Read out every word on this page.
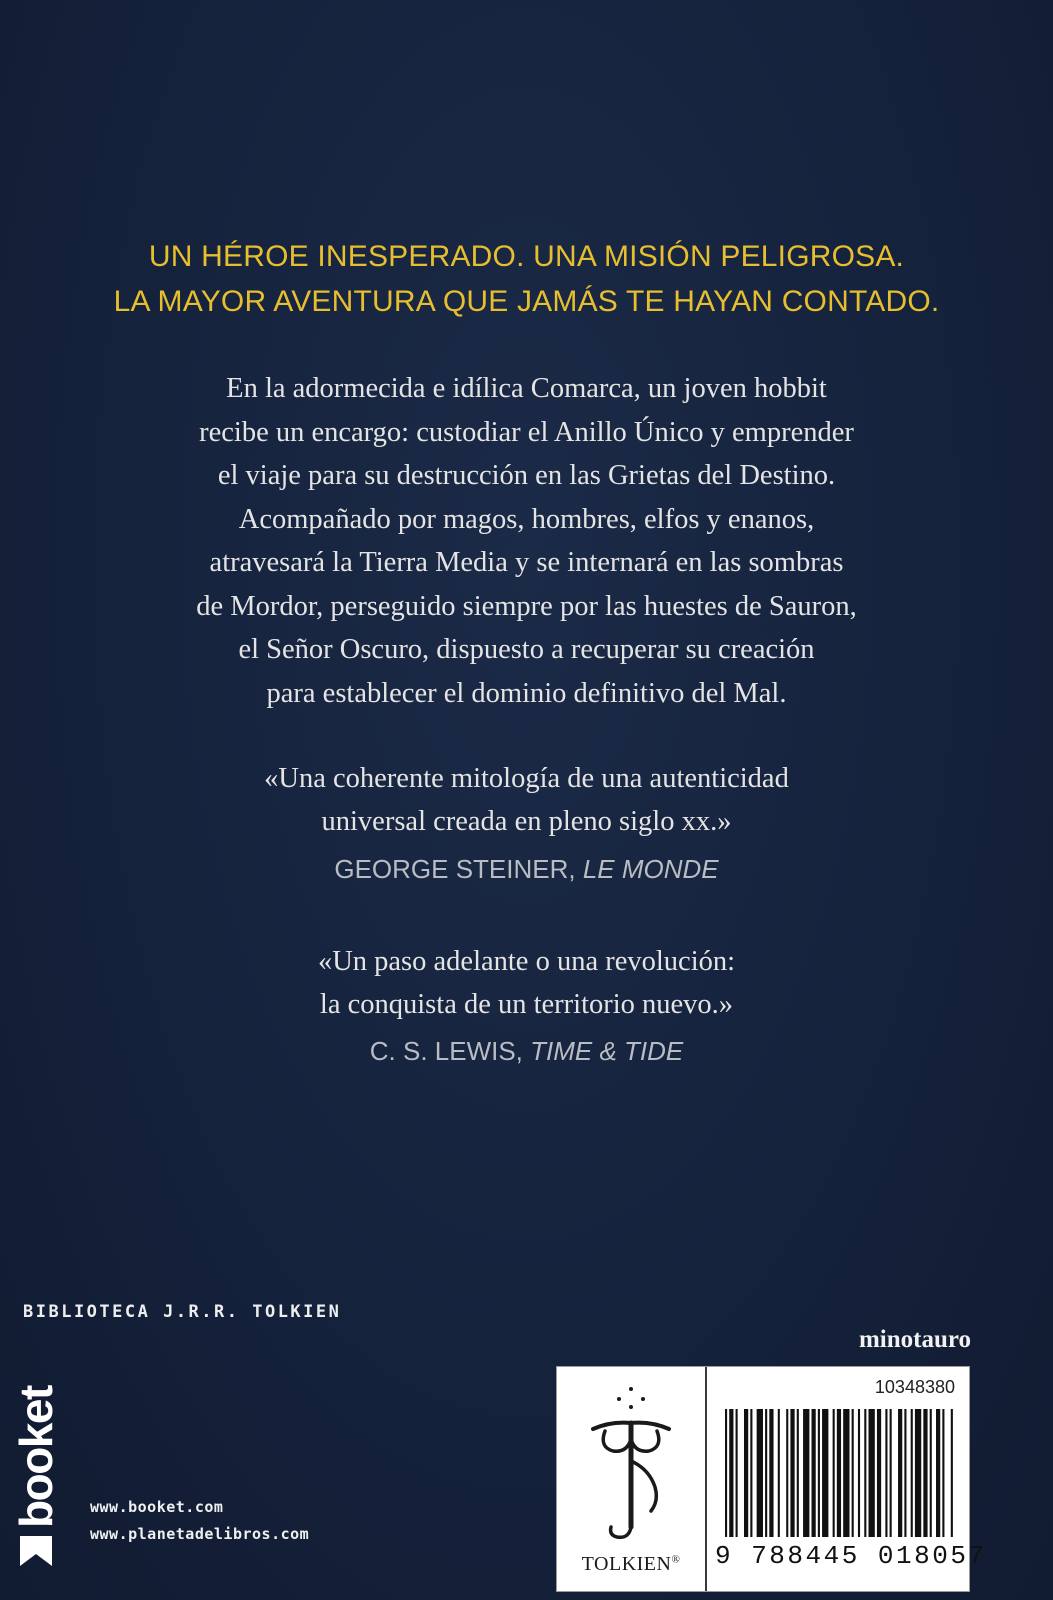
UN HÉROE INESPERADO. UNA MISIÓN PELIGROSA.
LA MAYOR AVENTURA QUE JAMÁS TE HAYAN CONTADO.
En la adormecida e idílica Comarca, un joven hobbit
recibe un encargo: custodiar el Anillo Único y emprender
el viaje para su destrucción en las Grietas del Destino.
Acompañado por magos, hombres, elfos y enanos,
atravesará la Tierra Media y se internará en las sombras
de Mordor, perseguido siempre por las huestes de Sauron,
el Señor Oscuro, dispuesto a recuperar su creación
para establecer el dominio definitivo del Mal.
«Una coherente mitología de una autenticidad
universal creada en pleno siglo xx.»
GEORGE STEINER, LE MONDE
«Un paso adelante o una revolución:
la conquista de un territorio nuevo.»
C. S. LEWIS, TIME & TIDE
BIBLIOTECA J.R.R. TOLKIEN
minotauro
booket www.booket.com
www.planetadelibros.com
TOLKIEN®
10348380
9 788445 018057
